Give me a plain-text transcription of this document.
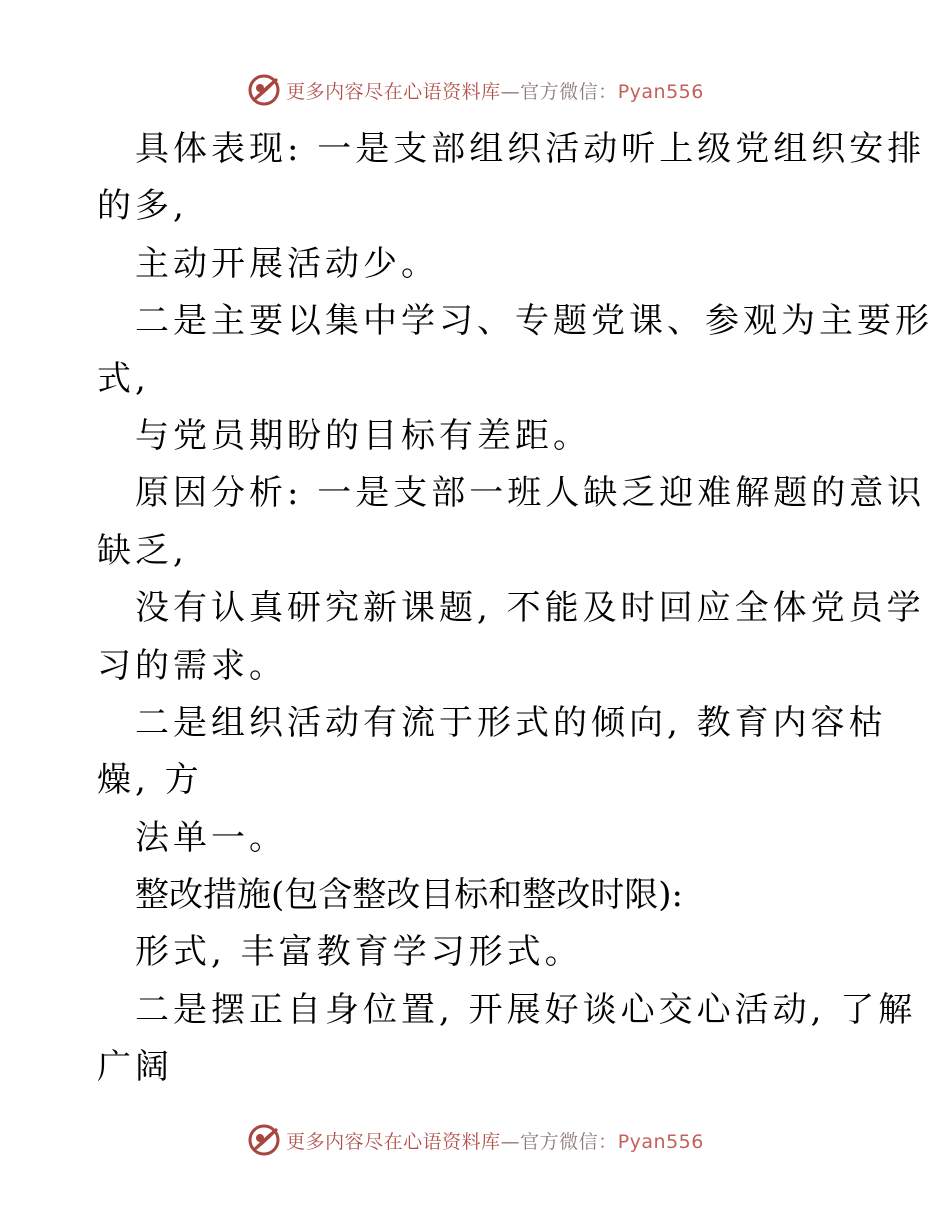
更多内容尽在心语资料库—官方微信：Pyan556
具体表现: 一是支部组织活动听上级党组织安排
的多,
主动开展活动少。
二是主要以集中学习、专题党课、参观为主要形
式,
与党员期盼的目标有差距。
原因分析: 一是支部一班人缺乏迎难解题的意识
缺乏,
没有认真研究新课题, 不能及时回应全体党员学
习的需求。
二是组织活动有流于形式的倾向, 教育内容枯
燥, 方
法单一。
整改措施(包含整改目标和整改时限):
形式, 丰富教育学习形式。
二是摆正自身位置, 开展好谈心交心活动, 了解
广阔
更多内容尽在心语资料库—官方微信：Pyan556
